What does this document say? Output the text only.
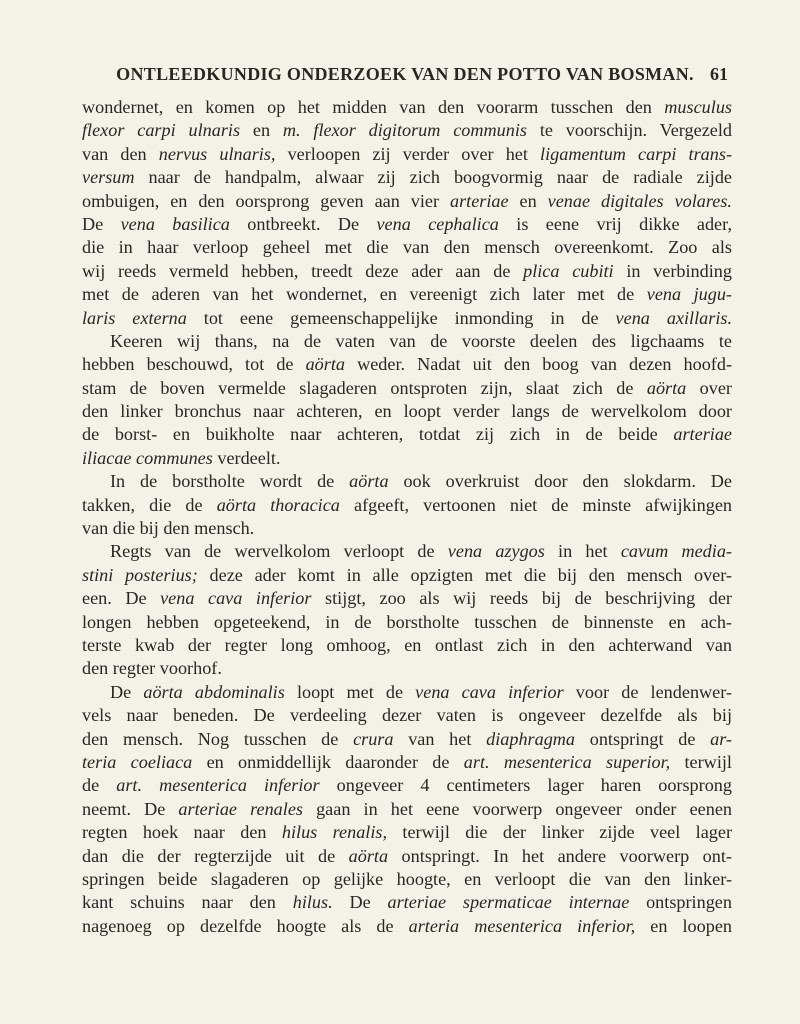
ONTLEEDKUNDIG ONDERZOEK VAN DEN POTTO VAN BOSMAN. 61
wondernet, en komen op het midden van den voorarm tusschen den musculus
flexor carpi ulnaris en m. flexor digitorum communis te voorschijn. Vergezeld
van den nervus ulnaris, verloopen zij verder over het ligamentum carpi trans-
versum naar de handpalm, alwaar zij zich boogvormig naar de radiale zijde
ombuigen, en den oorsprong geven aan vier arteriae en venae digitales volares.
De vena basilica ontbreekt. De vena cephalica is eene vrij dikke ader,
die in haar verloop geheel met die van den mensch overeenkomt. Zoo als
wij reeds vermeld hebben, treedt deze ader aan de plica cubiti in verbinding
met de aderen van het wondernet, en vereenigt zich later met de vena jugu-
laris externa tot eene gemeenschappelijke inmonding in de vena axillaris.
Keeren wij thans, na de vaten van de voorste deelen des ligchaams te
hebben beschouwd, tot de aörta weder. Nadat uit den boog van dezen hoofd-
stam de boven vermelde slagaderen ontsproten zijn, slaat zich de aörta over
den linker bronchus naar achteren, en loopt verder langs de wervelkolom door
de borst- en buikholte naar achteren, totdat zij zich in de beide arteriae
iliacae communes verdeelt.
In de borstholte wordt de aörta ook overkruist door den slokdarm. De
takken, die de aörta thoracica afgeeft, vertoonen niet de minste afwijkingen
van die bij den mensch.
Regts van de wervelkolom verloopt de vena azygos in het cavum media-
stini posterius; deze ader komt in alle opzigten met die bij den mensch over-
een. De vena cava inferior stijgt, zoo als wij reeds bij de beschrijving der
longen hebben opgeteekend, in de borstholte tusschen de binnenste en ach-
terste kwab der regter long omhoog, en ontlast zich in den achterwand van
den regter voorhof.
De aörta abdominalis loopt met de vena cava inferior voor de lendenwer-
vels naar beneden. De verdeeling dezer vaten is ongeveer dezelfde als bij
den mensch. Nog tusschen de crura van het diaphragma ontspringt de ar-
teria coeliaca en onmiddellijk daaronder de art. mesenterica superior, terwijl
de art. mesenterica inferior ongeveer 4 centimeters lager haren oorsprong
neemt. De arteriae renales gaan in het eene voorwerp ongeveer onder eenen
regten hoek naar den hilus renalis, terwijl die der linker zijde veel lager
dan die der regterzijde uit de aörta ontspringt. In het andere voorwerp ont-
springen beide slagaderen op gelijke hoogte, en verloopt die van den linker-
kant schuins naar den hilus. De arteriae spermaticae internae ontspringen
nagenoeg op dezelfde hoogte als de arteria mesenterica inferior, en loopen
